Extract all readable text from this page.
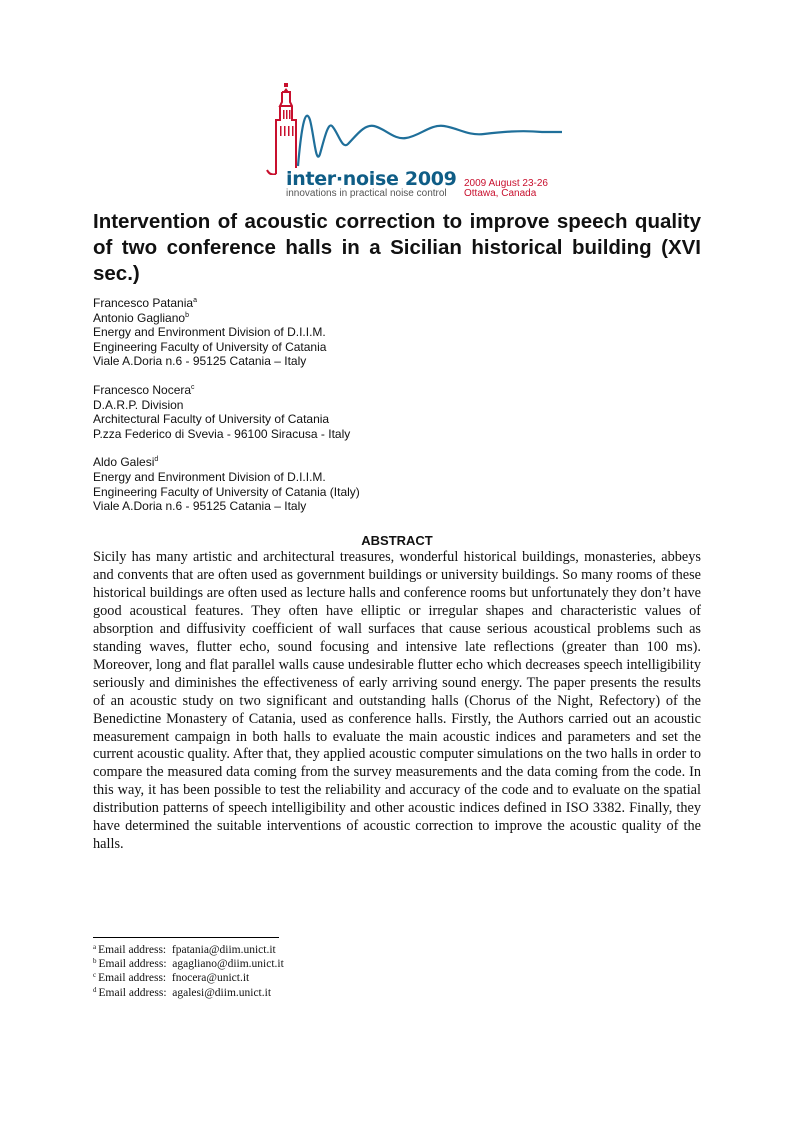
inter·noise 2009
innovations in practical noise control
2009 August 23-26
Ottawa, Canada
Intervention of acoustic correction to improve speech quality of two conference halls in a Sicilian historical building (XVI sec.)
Francesco Patania$^a$
Antonio Gagliano$^b$
Energy and Environment Division of D.I.I.M.
Engineering Faculty of University of Catania
Viale A.Doria n.6 - 95125 Catania – Italy
Francesco Nocera$^c$
D.A.R.P. Division
Architectural Faculty of University of Catania
P.zza Federico di Svevia - 96100 Siracusa - Italy
Aldo Galesi$^d$
Energy and Environment Division of D.I.I.M.
Engineering Faculty of University of Catania (Italy)
Viale A.Doria n.6 - 95125 Catania – Italy
ABSTRACT

Sicily has many artistic and architectural treasures, wonderful historical buildings, monasteries, abbeys and convents that are often used as government buildings or university buildings. So many rooms of these historical buildings are often used as lecture halls and conference rooms but unfortunately they don’t have good acoustical features. They often have elliptic or irregular shapes and characteristic values of absorption and diffusivity coefficient of wall surfaces that cause serious acoustical problems such as standing waves, flutter echo, sound focusing and intensive late reflections (greater than 100 ms). Moreover, long and flat parallel walls cause undesirable flutter echo which decreases speech intelligibility seriously and diminishes the effectiveness of early arriving sound energy. The paper presents the results of an acoustic study on two significant and outstanding halls (Chorus of the Night, Refectory) of the Benedictine Monastery of Catania, used as conference halls. Firstly, the Authors carried out an acoustic measurement campaign in both halls to evaluate the main acoustic indices and parameters and set the current acoustic quality. After that, they applied acoustic computer simulations on the two halls in order to compare the measured data coming from the survey measurements and the data coming from the code. In this way, it has been possible to test the reliability and accuracy of the code and to evaluate on the spatial distribution patterns of speech intelligibility and other acoustic indices defined in ISO 3382. Finally, they have determined the suitable interventions of acoustic correction to improve the acoustic quality of the halls.

$^a$ Email address: fpatania@diim.unict.it
$^b$ Email address: agagliano@diim.unict.it
$^c$ Email address: fnocera@unict.it
$^d$ Email address: agalesi@diim.unict.it
